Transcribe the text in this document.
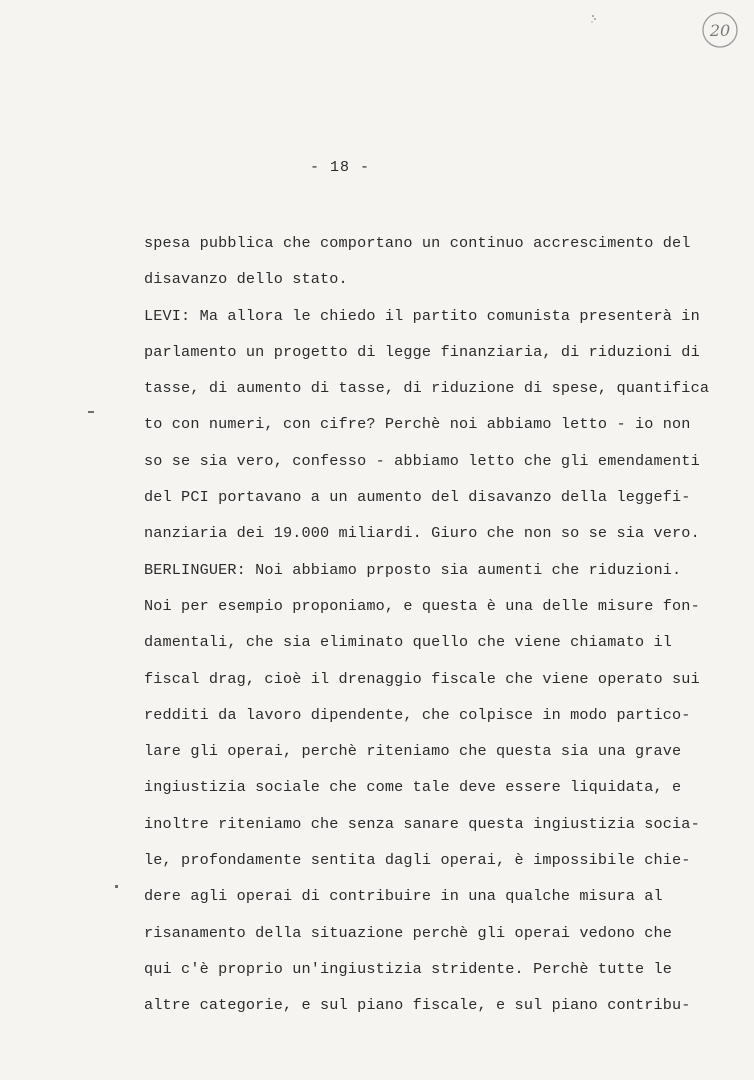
20
- 18 -
spesa pubblica che comportano un continuo accrescimento del
disavanzo dello stato.
LEVI: Ma allora le chiedo il partito comunista presenterà in
parlamento un progetto di legge finanziaria, di riduzioni di
tasse, di aumento di tasse, di riduzione di spese, quantifica
to con numeri, con cifre? Perchè noi abbiamo letto - io non
so se sia vero, confesso - abbiamo letto che gli emendamenti
del PCI portavano a un aumento del disavanzo della leggefi-
nanziaria dei 19.000 miliardi. Giuro che non so se sia vero.
BERLINGUER: Noi abbiamo prposto sia aumenti che riduzioni.
Noi per esempio proponiamo, e questa è una delle misure fon-
damentali, che sia eliminato quello che viene chiamato il
fiscal drag, cioè il drenaggio fiscale che viene operato sui
redditi da lavoro dipendente, che colpisce in modo partico-
lare gli operai, perchè riteniamo che questa sia una grave
ingiustizia sociale che come tale deve essere liquidata, e
inoltre riteniamo che senza sanare questa ingiustizia socia-
le, profondamente sentita dagli operai, è impossibile chie-
dere agli operai di contribuire in una qualche misura al
risanamento della situazione perchè gli operai vedono che
qui c'è proprio un'ingiustizia stridente. Perchè tutte le
altre categorie, e sul piano fiscale, e sul piano contribu-
